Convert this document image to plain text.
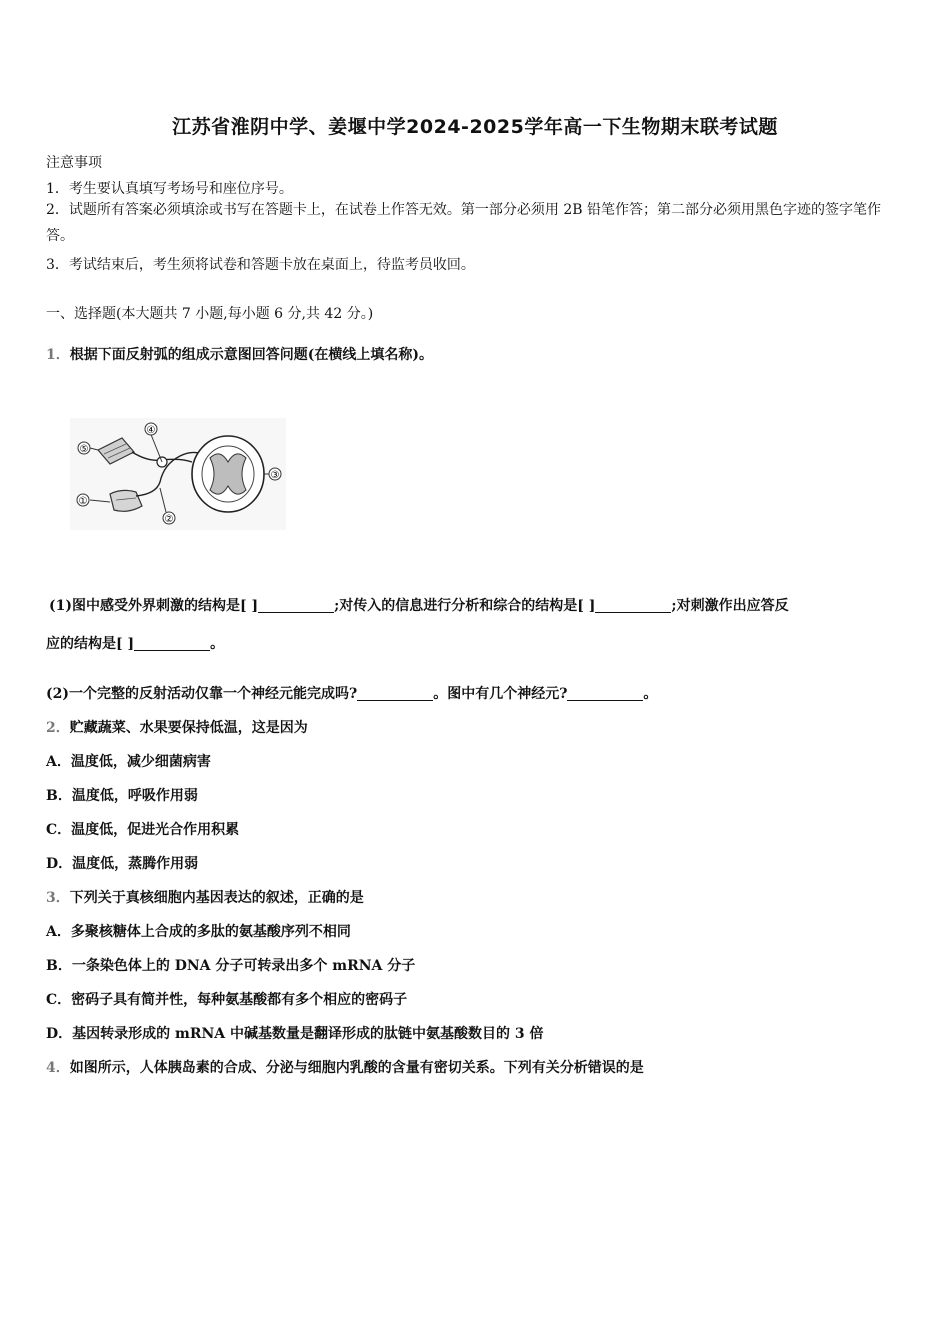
江苏省淮阴中学、姜堰中学2024-2025学年高一下生物期末联考试题
注意事项
1．考生要认真填写考场号和座位序号。
2．试题所有答案必须填涂或书写在答题卡上，在试卷上作答无效。第一部分必须用 2B 铅笔作答；第二部分必须用黑色字迹的签字笔作答。
3．考试结束后，考生须将试卷和答题卡放在桌面上，待监考员收回。
一、选择题(本大题共 7 小题,每小题 6 分,共 42 分。)
1．根据下面反射弧的组成示意图回答问题(在横线上填名称)。
①
②
③
④
⑤
(1)图中感受外界刺激的结构是[ ]	;对传入的信息进行分析和综合的结构是[ ]	;对刺激作出应答反
应的结构是[ ]	。
(2)一个完整的反射活动仅靠一个神经元能完成吗?	。图中有几个神经元?	。
2．贮藏蔬菜、水果要保持低温，这是因为
A．温度低，减少细菌病害
B．温度低，呼吸作用弱
C．温度低，促进光合作用积累
D．温度低，蒸腾作用弱
3．下列关于真核细胞内基因表达的叙述，正确的是
A．多聚核糖体上合成的多肽的氨基酸序列不相同
B．一条染色体上的 DNA 分子可转录出多个 mRNA 分子
C．密码子具有简并性，每种氨基酸都有多个相应的密码子
D．基因转录形成的 mRNA 中碱基数量是翻译形成的肽链中氨基酸数目的 3 倍
4．如图所示，人体胰岛素的合成、分泌与细胞内乳酸的含量有密切关系。下列有关分析错误的是
